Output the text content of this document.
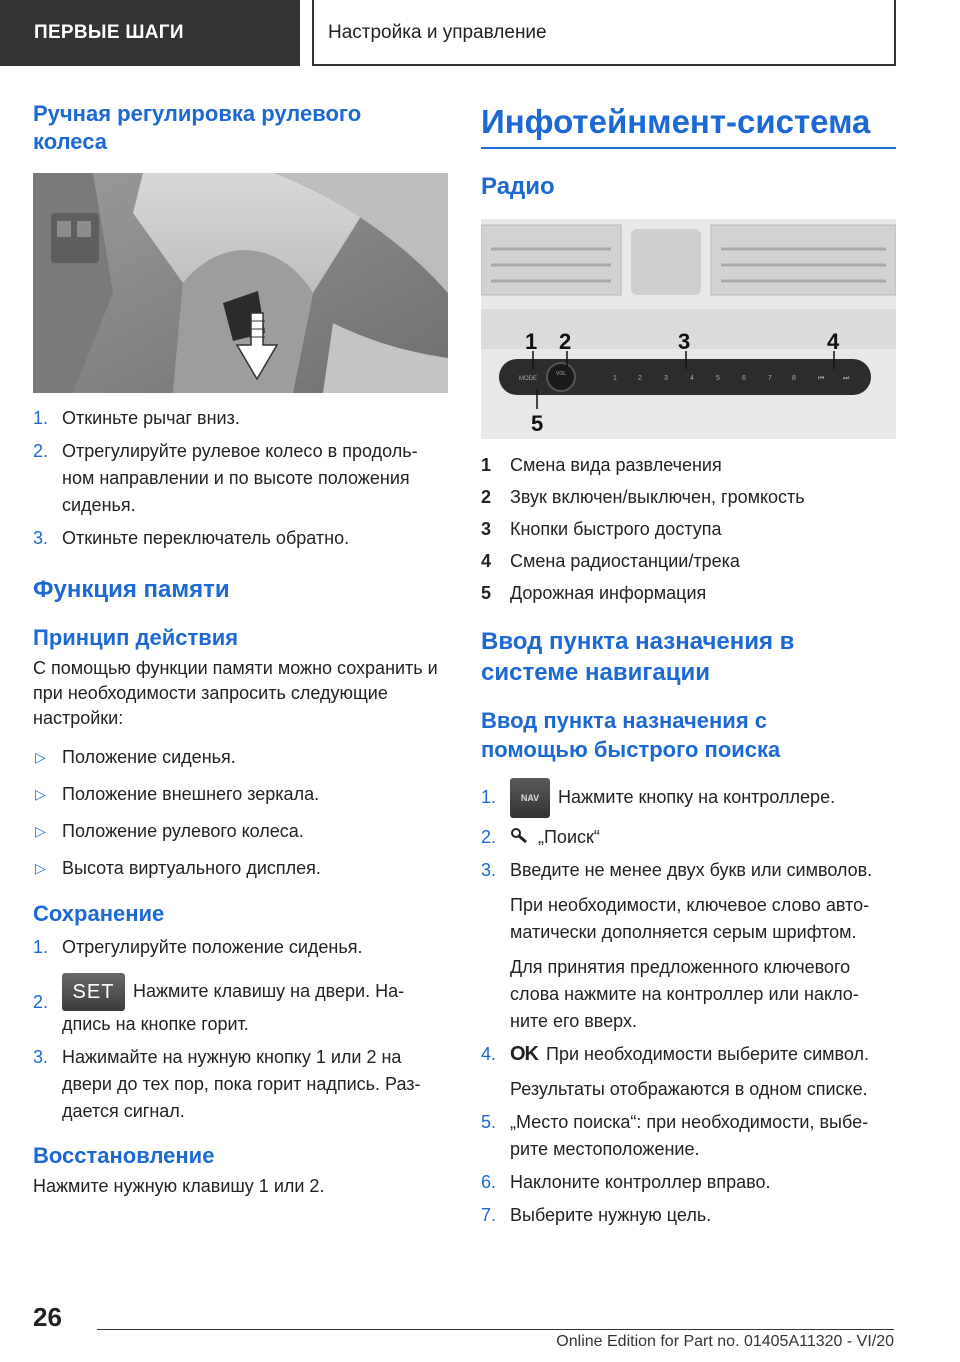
ПЕРВЫЕ ШАГИ	Настройка и управление
Ручная регулировка рулевого колеса
1. Откиньте рычаг вниз.
2. Отрегулируйте рулевое колесо в продоль-ном направлении и по высоте положения сиденья.
3. Откиньте переключатель обратно.
Функция памяти
Принцип действия
С помощью функции памяти можно сохранить и при необходимости запросить следующие настройки:
▷ Положение сиденья.
▷ Положение внешнего зеркала.
▷ Положение рулевого колеса.
▷ Высота виртуального дисплея.
Сохранение
1. Отрегулируйте положение сиденья.
2. SET Нажмите клавишу на двери. На-дпись на кнопке горит.
3. Нажимайте на нужную кнопку 1 или 2 на двери до тех пор, пока горит надпись. Раз-дается сигнал.
Восстановление
Нажмите нужную клавишу 1 или 2.
Инфотейнмент-система
Радио
MODE
VOL
1	2	3	4	5	6	7	8	⏮	⏭
1 2	3	4
5
1 Смена вида развлечения
2 Звук включен/выключен, громкость
3 Кнопки быстрого доступа
4 Смена радиостанции/трека
5 Дорожная информация
Ввод пункта назначения в системе навигации
Ввод пункта назначения с помощью быстрого поиска
1.	NAV Нажмите кнопку на контроллере.
2. „Поиск“
3. Введите не менее двух букв или символов.
При необходимости, ключевое слово авто-матически дополняется серым шрифтом.
Для принятия предложенного ключевого слова нажмите на контроллер или накло-ните его вверх.
4. OK При необходимости выберите символ.
Результаты отображаются в одном списке.
5. „Место поиска“: при необходимости, выбе-рите местоположение.
6. Наклоните контроллер вправо.
7. Выберите нужную цель.
26
Online Edition for Part no. 01405A11320 - VI/20
